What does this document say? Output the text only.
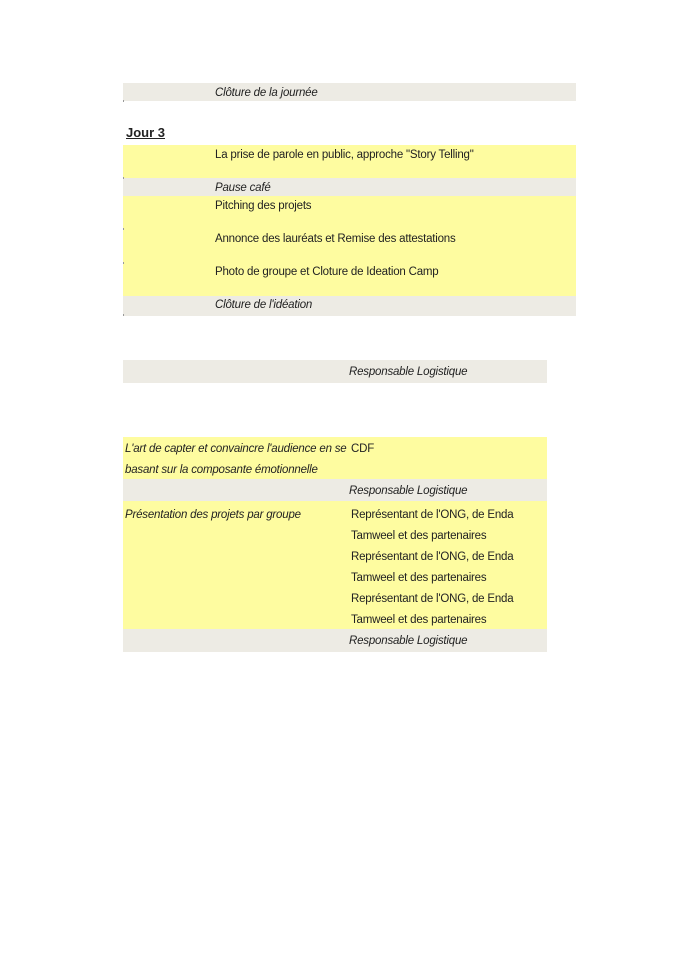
Clôture de la journée
Jour 3
La prise de parole en public, approche "Story Telling"
Pause café
Pitching des projets
Annonce des lauréats et Remise des attestations
Photo de groupe et Cloture de Ideation Camp
Clôture de l'idéation
Responsable Logistique
L'art de capter et convaincre l'audience en se
basant sur la composante émotionnelle
CDF
Responsable Logistique
Présentation des projets par groupe	Représentant de l'ONG, de Enda
Tamweel et des partenaires
Représentant de l'ONG, de Enda
Tamweel et des partenaires
Représentant de l'ONG, de Enda
Tamweel et des partenaires
Responsable Logistique
